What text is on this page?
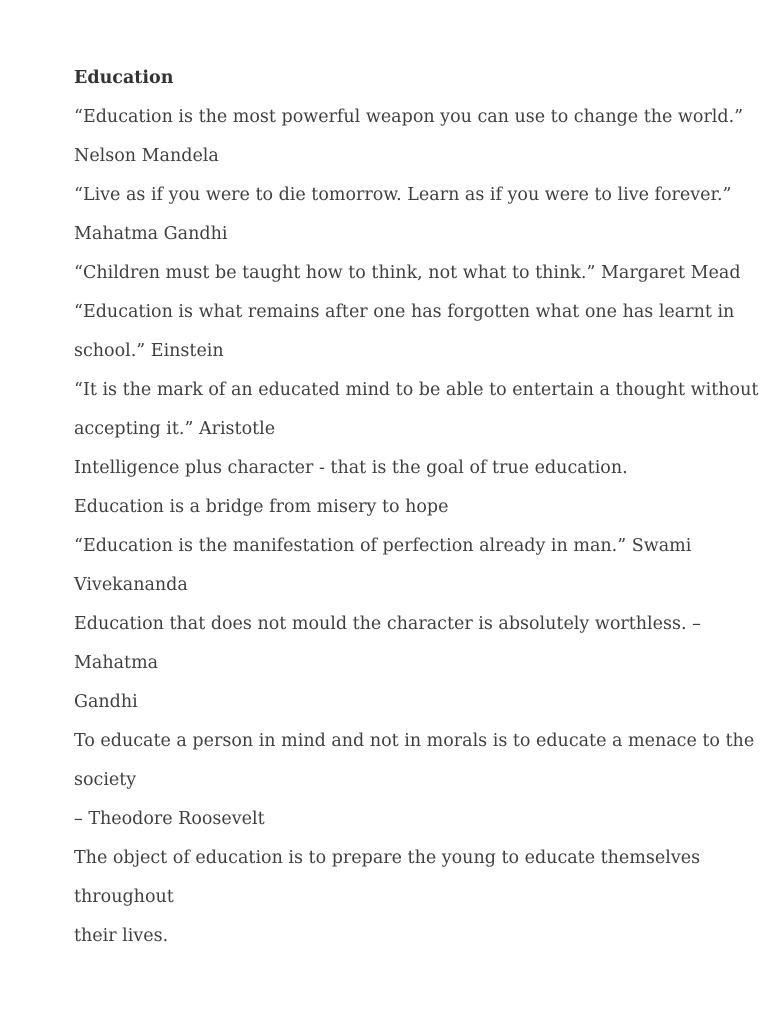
Education
“Education is the most powerful weapon you can use to change the world.”
Nelson Mandela
“Live as if you were to die tomorrow. Learn as if you were to live forever.”
Mahatma Gandhi
“Children must be taught how to think, not what to think.” Margaret Mead
“Education is what remains after one has forgotten what one has learnt in
school.” Einstein
“It is the mark of an educated mind to be able to entertain a thought without
accepting it.” Aristotle
Intelligence plus character - that is the goal of true education.
Education is a bridge from misery to hope
“Education is the manifestation of perfection already in man.” Swami
Vivekananda
Education that does not mould the character is absolutely worthless. –
Mahatma
Gandhi
To educate a person in mind and not in morals is to educate a menace to the
society
– Theodore Roosevelt
The object of education is to prepare the young to educate themselves
throughout
their lives.
